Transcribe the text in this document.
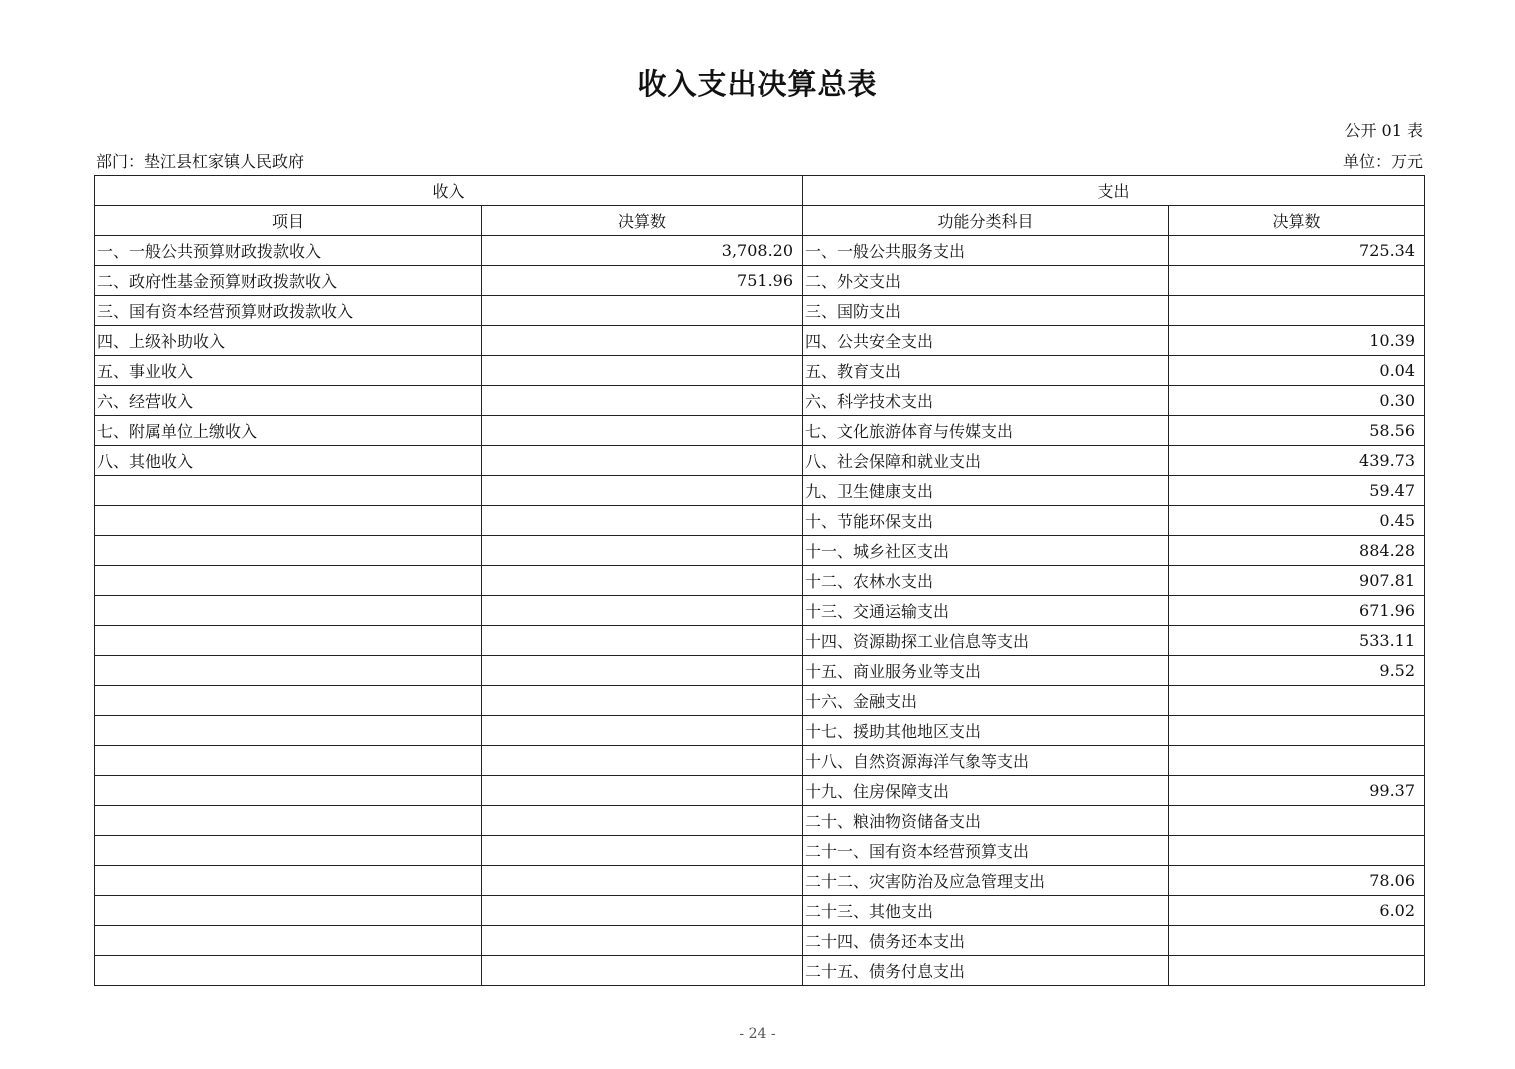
收入支出决算总表
公开 01 表
部门：垫江县杠家镇人民政府	单位：万元
收入		支出	
项目	决算数	功能分类科目	决算数
一、一般公共预算财政拨款收入	3,708.20	一、一般公共服务支出	725.34
二、政府性基金预算财政拨款收入	751.96	二、外交支出	
三、国有资本经营预算财政拨款收入		三、国防支出	
四、上级补助收入		四、公共安全支出	10.39
五、事业收入		五、教育支出	0.04
六、经营收入		六、科学技术支出	0.30
七、附属单位上缴收入		七、文化旅游体育与传媒支出	58.56
八、其他收入		八、社会保障和就业支出	439.73
		九、卫生健康支出	59.47
		十、节能环保支出	0.45
		十一、城乡社区支出	884.28
		十二、农林水支出	907.81
		十三、交通运输支出	671.96
		十四、资源勘探工业信息等支出	533.11
		十五、商业服务业等支出	9.52
		十六、金融支出	
		十七、援助其他地区支出	
		十八、自然资源海洋气象等支出	
		十九、住房保障支出	99.37
		二十、粮油物资储备支出	
		二十一、国有资本经营预算支出	
		二十二、灾害防治及应急管理支出	78.06
		二十三、其他支出	6.02
		二十四、债务还本支出	
		二十五、债务付息支出	
- 24 -
